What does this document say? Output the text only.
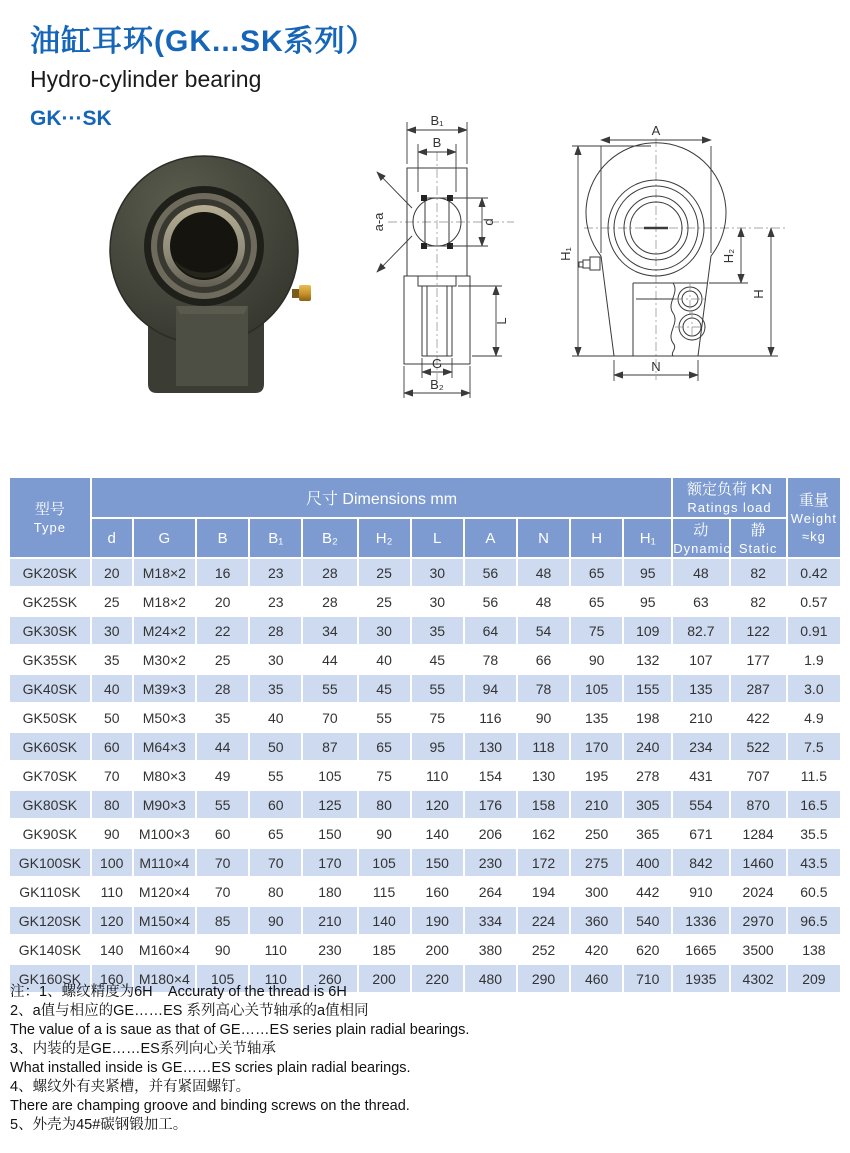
油缸耳环(GK...SK系列）
Hydro-cylinder bearing
GK···SK	B₁
B
a-a	d
L
G
B₂
A
H₁	H₂
H
N
型号
Type	尺寸 Dimensions mm											额定负荷 KN
Ratings load		重量
Weight
≈kg
	d	G	B	B₁	B₂	H₂	L	A	N	H	H₁	动
Dynamic	静
Static	
GK20SK	20	M18×2	16	23	28	25	30	56	48	65	95	48	82	0.42
GK25SK	25	M18×2	20	23	28	25	30	56	48	65	95	63	82	0.57
GK30SK	30	M24×2	22	28	34	30	35	64	54	75	109	82.7	122	0.91
GK35SK	35	M30×2	25	30	44	40	45	78	66	90	132	107	177	1.9
GK40SK	40	M39×3	28	35	55	45	55	94	78	105	155	135	287	3.0
GK50SK	50	M50×3	35	40	70	55	75	116	90	135	198	210	422	4.9
GK60SK	60	M64×3	44	50	87	65	95	130	118	170	240	234	522	7.5
GK70SK	70	M80×3	49	55	105	75	110	154	130	195	278	431	707	11.5
GK80SK	80	M90×3	55	60	125	80	120	176	158	210	305	554	870	16.5
GK90SK	90	M100×3	60	65	150	90	140	206	162	250	365	671	1284	35.5
GK100SK	100	M110×4	70	70	170	105	150	230	172	275	400	842	1460	43.5
GK110SK	110	M120×4	70	80	180	115	160	264	194	300	442	910	2024	60.5
GK120SK	120	M150×4	85	90	210	140	190	334	224	360	540	1336	2970	96.5
GK140SK	140	M160×4	90	110	230	185	200	380	252	420	620	1665	3500	138
GK160SK	160	M180×4	105	110	260	200	220	480	290	460	710	1935	4302	209
注：1、螺纹精度为6H    Accuraty of the thread is 6H
2、a值与相应的GE……ES 系列高心关节轴承的a值相同
The value of a is saue as that of GE……ES series plain radial bearings.
3、内装的是GE……ES系列向心关节轴承
What installed inside is GE……ES scries plain radial bearings.
4、螺纹外有夹紧槽，并有紧固螺钉。
There are champing groove and binding screws on the thread.
5、外壳为45#碳钢锻加工。
